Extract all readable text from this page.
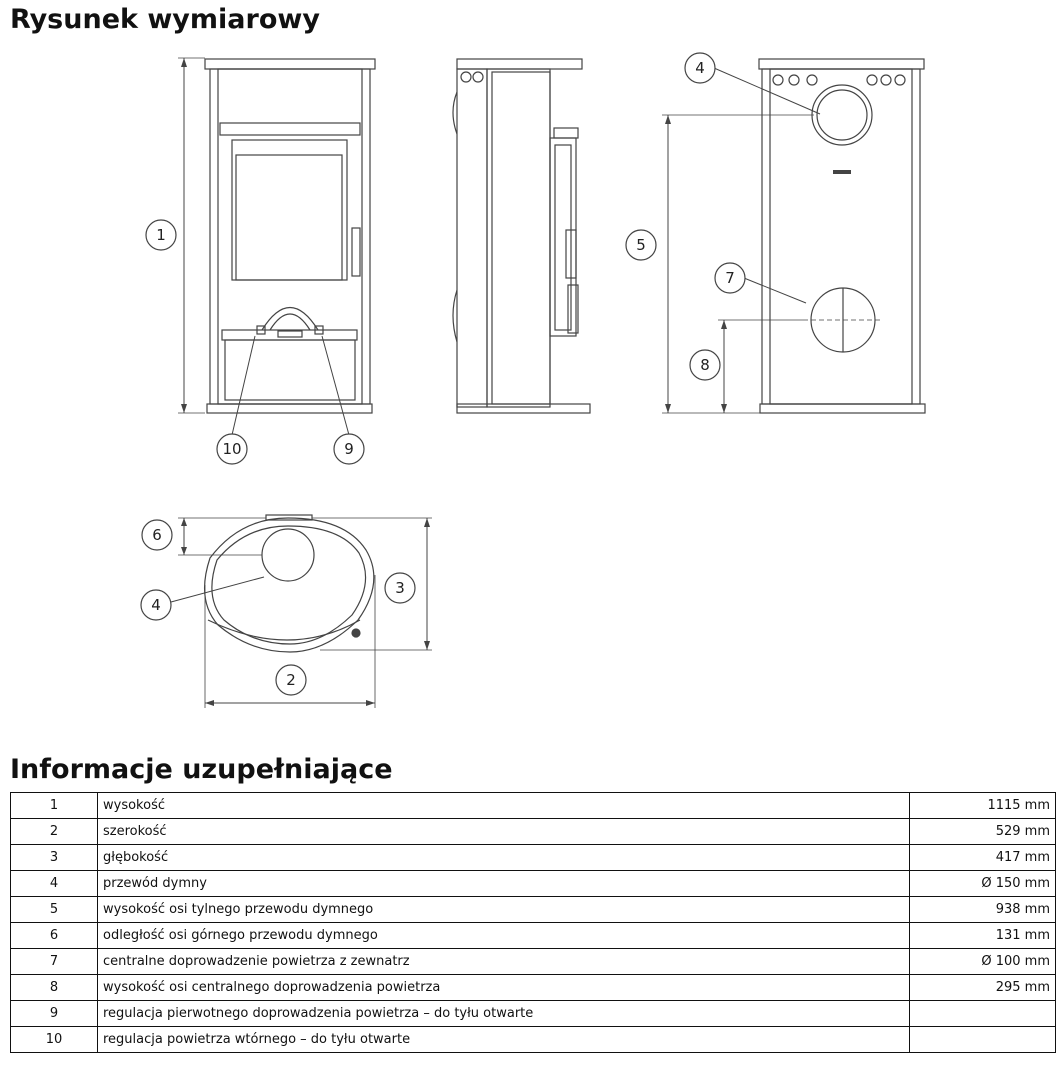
Rysunek wymiarowy
1
2
3
4
4
5
6
7
8
9
10
Informacje uzupełniające
1	wysokość	1115 mm
2	szerokość	529 mm
3	głębokość	417 mm
4	przewód dymny	Ø 150 mm
5	wysokość osi tylnego przewodu dymnego	938 mm
6	odległość osi górnego przewodu dymnego	131 mm
7	centralne doprowadzenie powietrza z zewnatrz	Ø 100 mm
8	wysokość osi centralnego doprowadzenia powietrza	295 mm
9	regulacja pierwotnego doprowadzenia powietrza – do tyłu otwarte	
10	regulacja powietrza wtórnego – do tyłu otwarte	
